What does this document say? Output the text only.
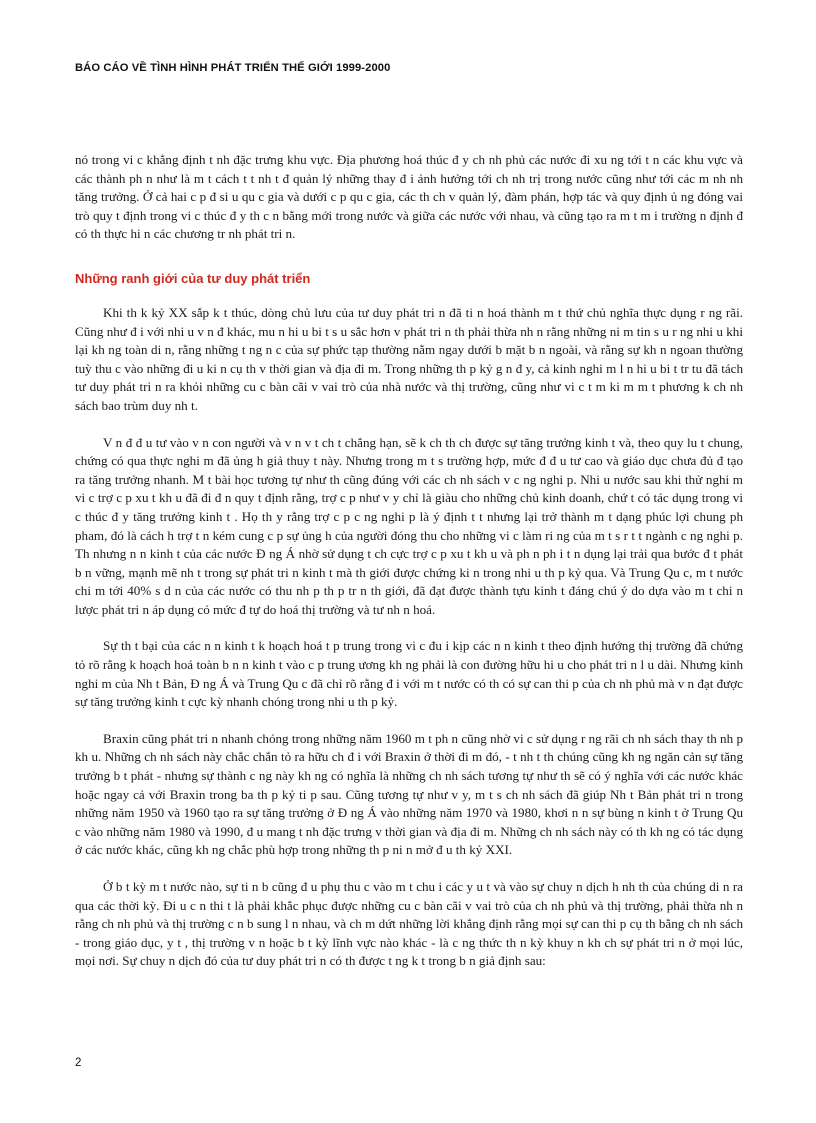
BÁO CÁO VỀ TÌNH HÌNH PHÁT TRIỂN THẾ GIỚI 1999-2000

nó trong vi c khẳng định t nh đặc trưng khu vực. Địa phương hoá thúc đ y ch nh phủ các nước đi xu ng tới t n các khu vực và các thành ph n như là m t cách t t nh t đ quản lý những thay đ i ảnh hưởng tới ch nh trị trong nước cũng như tới các m nh nh tăng trưởng. Ở cả hai c p đ si u qu c gia và dưới c p qu c gia, các th ch v quản lý, đàm phán, hợp tác và quy định ủ ng đóng vai trò quy t định trong vi c thúc đ y th c n bằng mới trong nước và giữa các nước với nhau, và cũng tạo ra m t m i trường n định đ có th thực hi n các chương tr nh phát tri n.

Những ranh giới của tư duy phát triển

Khi th k kỷ XX sắp k t thúc, dòng chủ lưu của tư duy phát tri n đã ti n hoá thành m t thứ chủ nghĩa thực dụng r ng rãi. Cũng như đ i với nhi u v n đ khác, mu n hi u bi t s u sắc hơn v phát tri n th phải thừa nh n rằng những ni m tin s u r ng nhi u khi lại kh ng toàn di n, rằng những t ng n c của sự phức tạp thường nằm ngay dưới b mặt b n ngoài, và rằng sự kh n ngoan thường tuỳ thu c vào những đi u ki n cụ th v thời gian và địa đi m. Trong những th p kỷ g n đ y, cả kinh nghi m l n hi u bi t tr tu đã tách tư duy phát tri n ra khỏi những cu c bàn cãi v vai trò của nhà nước và thị trường, cũng như vi c t m ki m m t phương k ch nh sách bao trùm duy nh t.

V n đ đ u tư vào v n con người và v n v t ch t chẳng hạn, sẽ k ch th ch được sự tăng trưởng kinh t và, theo quy lu t chung, chứng có qua thực nghi m đã ủng h giả thuy t này. Nhưng trong m t s trường hợp, mức đ đ u tư cao và giáo dục chưa đủ đ tạo ra tăng trưởng nhanh. M t bài học tương tự như th cũng đúng với các ch nh sách v c ng nghi p. Nhi u nước sau khi thử nghi m vi c trợ c p xu t kh u đã đi đ n quy t định rằng, trợ c p như v y chỉ là giàu cho những chủ kinh doanh, chứ t có tác dụng trong vi c thúc đ y tăng trưởng kinh t . Họ th y rằng trợ c p c ng nghi p là ý định t t nhưng lại trở thành m t dạng phúc lợi chung ph pham, đó là cách h trợ t n kém cung c p sự ủng h của người đóng thu cho những vi c làm ri ng của m t s r t t ngành c ng nghi p. Th nhưng n n kinh t của các nước Đ ng Á nhờ sử dụng t ch cực trợ c p xu t kh u và ph n ph i t n dụng lại trải qua bước đ t phát b n vững, mạnh mẽ nh t trong sự phát tri n kinh t mà th giới được chứng ki n trong nhi u th p kỷ qua. Và Trung Qu c, m t nước chi m tới 40% s d n của các nước có thu nh p th p tr n th giới, đã đạt được thành tựu kinh t đáng chú ý do dựa vào m t chi n lược phát tri n áp dụng có mức đ tự do hoá thị trường và tư nh n hoá.

Sự th t bại của các n n kinh t k hoạch hoá t p trung trong vi c đu i kịp các n n kinh t theo định hướng thị trường đã chứng tỏ rõ rằng k hoạch hoá toàn b n n kinh t vào c p trung ương kh ng phải là con đường hữu hi u cho phát tri n l u dài. Nhưng kinh nghi m của Nh t Bản, Đ ng Á và Trung Qu c đã chỉ rõ rằng đ i với m t nước có th có sự can thi p của ch nh phủ mà v n đạt được sự tăng trưởng kinh t cực kỳ nhanh chóng trong nhi u th p kỷ.

Braxin cũng phát tri n nhanh chóng trong những năm 1960 m t ph n cũng nhờ vi c sử dụng r ng rãi ch nh sách thay th nh p kh u. Những ch nh sách này chắc chắn tỏ ra hữu ch đ i với Braxin ở thời đi m đó, - t nh t th chúng cũng kh ng ngăn cản sự tăng trưởng b t phát - nhưng sự thành c ng này kh ng có nghĩa là những ch nh sách tương tự như th sẽ có ý nghĩa với các nước khác hoặc ngay cả với Braxin trong ba th p kỷ ti p sau. Cũng tương tự như v y, m t s ch nh sách đã giúp Nh t Bản phát tri n trong những năm 1950 và 1960 tạo ra sự tăng trưởng ở Đ ng Á vào những năm 1970 và 1980, khơi n n sự bùng n kinh t ở Trung Qu c vào những năm 1980 và 1990, đ u mang t nh đặc trưng v thời gian và địa đi m. Những ch nh sách này có th kh ng có tác dụng ở các nước khác, cũng kh ng chắc phù hợp trong những th p ni n mở đ u th kỷ XXI.

Ở b t kỳ m t nước nào, sự ti n b cũng đ u phụ thu c vào m t chu i các y u t và vào sự chuy n dịch h nh th của chúng di n ra qua các thời kỳ. Đi u c n thi t là phải khắc phục được những cu c bàn cãi v vai trò của ch nh phủ và thị trường, phải thừa nh n rằng ch nh phủ và thị trường c n b sung l n nhau, và ch m dứt những lời khẳng định rằng mọi sự can thi p cụ th bằng ch nh sách - trong giáo dục, y t , thị trường v n hoặc b t kỳ lĩnh vực nào khác - là c ng thức th n kỳ khuy n kh ch sự phát tri n ở mọi lúc, mọi nơi. Sự chuy n dịch đó của tư duy phát tri n có th được t ng k t trong b n giả định sau:

2
